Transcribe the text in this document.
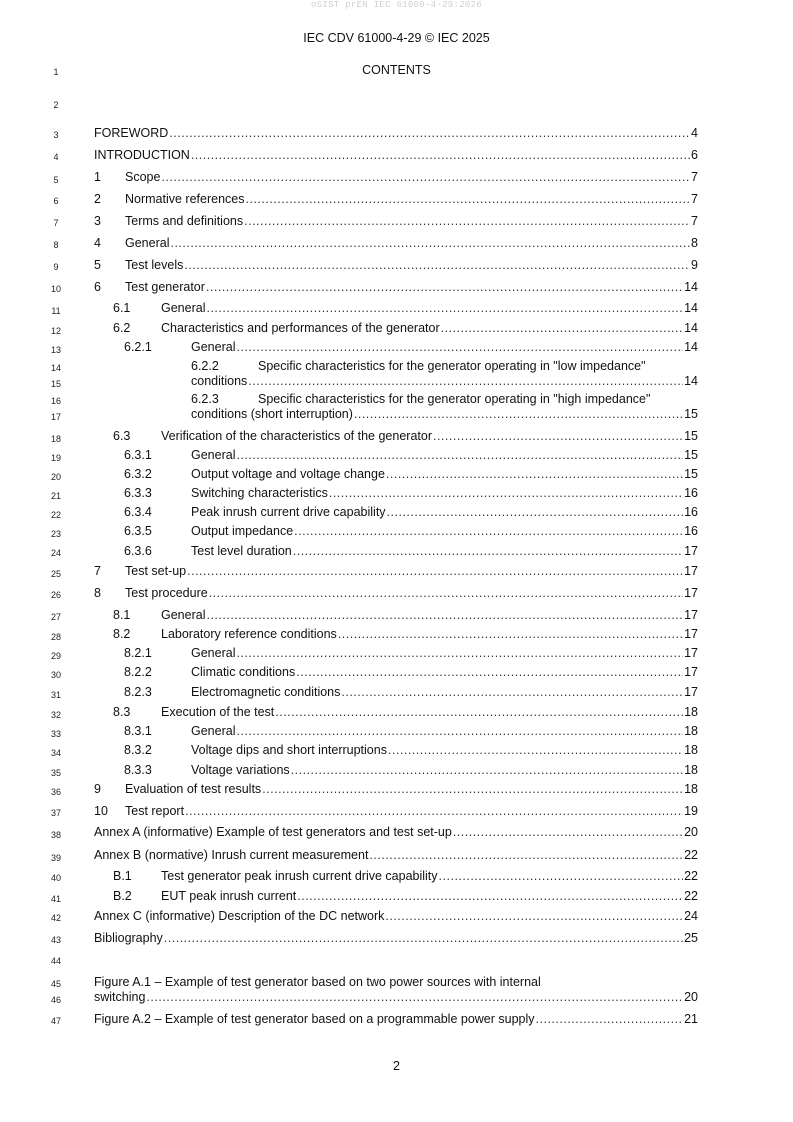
oSIST prEN IEC 61000-4-29:2026
IEC CDV 61000-4-29 © IEC 2025
1
2
3
4
5
6
7
8
9
10
11
12
13
14
15
16
17
18
19
20
21
22
23
24
25
26
27
28
29
30
31
32
33
34
35
36
37
38
39
40
41
42
43
44
45
46
47
CONTENTS
FOREWORD .....	4
INTRODUCTION .....	6
1	Scope .....	7
2	Normative references .....	7
3	Terms and definitions .....	7
4	General .....	8
5	Test levels .....	9
6	Test generator .....	14
6.1	General .....	14
6.2	Characteristics and performances of the generator .....	14
6.2.1	General .....	14
6.2.2	Specific characteristics for the generator operating in "low impedance"
conditions .....	14
6.2.3	Specific characteristics for the generator operating in "high impedance"
conditions (short interruption) .....	15
6.3	Verification of the characteristics of the generator .....	15
6.3.1	General .....	15
6.3.2	Output voltage and voltage change .....	15
6.3.3	Switching characteristics .....	16
6.3.4	Peak inrush current drive capability .....	16
6.3.5	Output impedance .....	16
6.3.6	Test level duration .....	17
7	Test set-up .....	17
8	Test procedure .....	17
8.1	General .....	17
8.2	Laboratory reference conditions .....	17
8.2.1	General .....	17
8.2.2	Climatic conditions .....	17
8.2.3	Electromagnetic conditions .....	17
8.3	Execution of the test .....	18
8.3.1	General .....	18
8.3.2	Voltage dips and short interruptions .....	18
8.3.3	Voltage variations .....	18
9	Evaluation of test results .....	18
10	Test report .....	19
Annex A (informative) Example of test generators and test set-up .....	20
Annex B (normative) Inrush current measurement .....	22
B.1	Test generator peak inrush current drive capability .....	22
B.2	EUT peak inrush current .....	22
Annex C (informative) Description of the DC network .....	24
Bibliography .....	25
Figure A.1 – Example of test generator based on two power sources with internal
switching .....	20
Figure A.2 – Example of test generator based on a programmable power supply .....	21
2
